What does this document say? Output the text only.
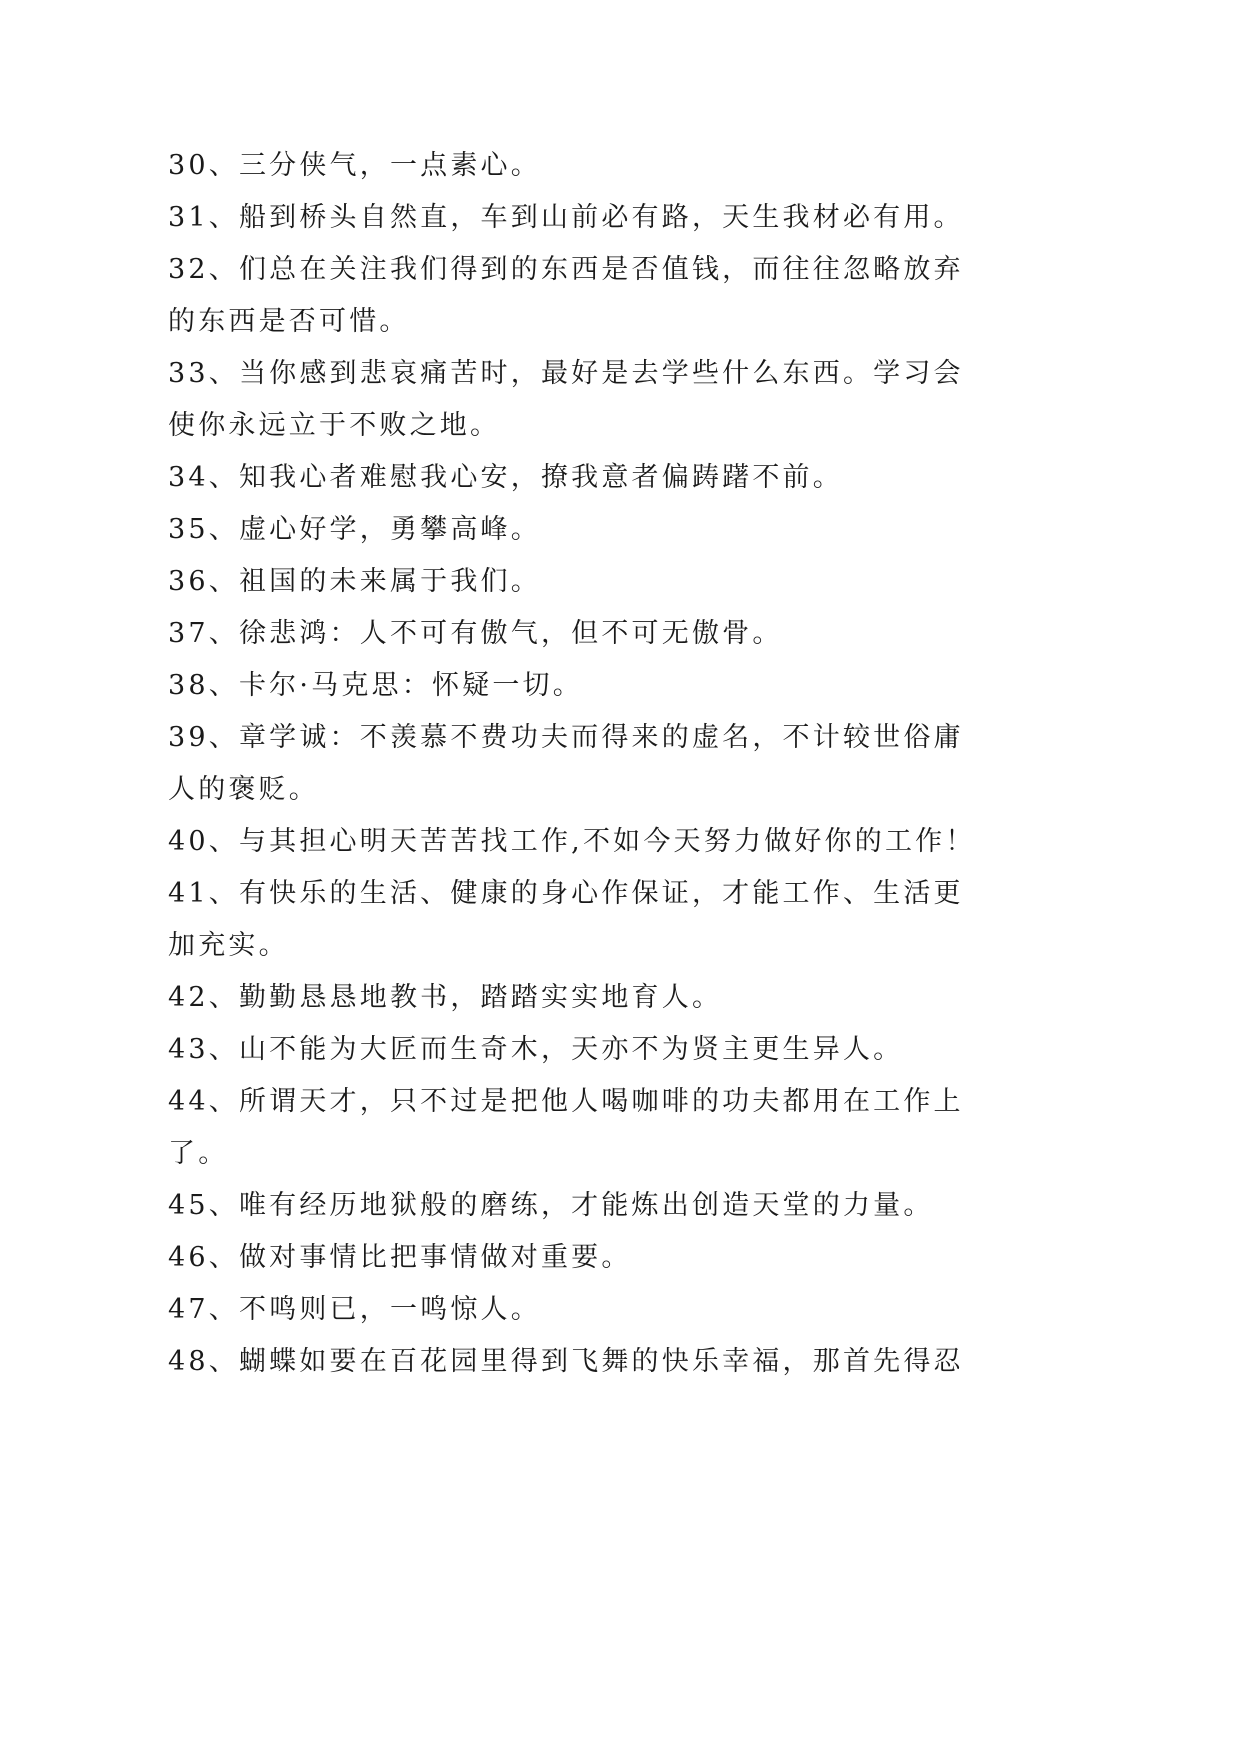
30、三分侠气，一点素心。
31、船到桥头自然直，车到山前必有路，天生我材必有用。
32、们总在关注我们得到的东西是否值钱，而往往忽略放弃
的东西是否可惜。
33、当你感到悲哀痛苦时，最好是去学些什么东西。学习会
使你永远立于不败之地。
34、知我心者难慰我心安，撩我意者偏踌躇不前。
35、虚心好学，勇攀高峰。
36、祖国的未来属于我们。
37、徐悲鸿：人不可有傲气，但不可无傲骨。
38、卡尔·马克思：怀疑一切。
39、章学诚：不羡慕不费功夫而得来的虚名，不计较世俗庸
人的褒贬。
40、与其担心明天苦苦找工作,不如今天努力做好你的工作！
41、有快乐的生活、健康的身心作保证，才能工作、生活更
加充实。
42、勤勤恳恳地教书，踏踏实实地育人。
43、山不能为大匠而生奇木，天亦不为贤主更生异人。
44、所谓天才，只不过是把他人喝咖啡的功夫都用在工作上
了。
45、唯有经历地狱般的磨练，才能炼出创造天堂的力量。
46、做对事情比把事情做对重要。
47、不鸣则已，一鸣惊人。
48、蝴蝶如要在百花园里得到飞舞的快乐幸福，那首先得忍
